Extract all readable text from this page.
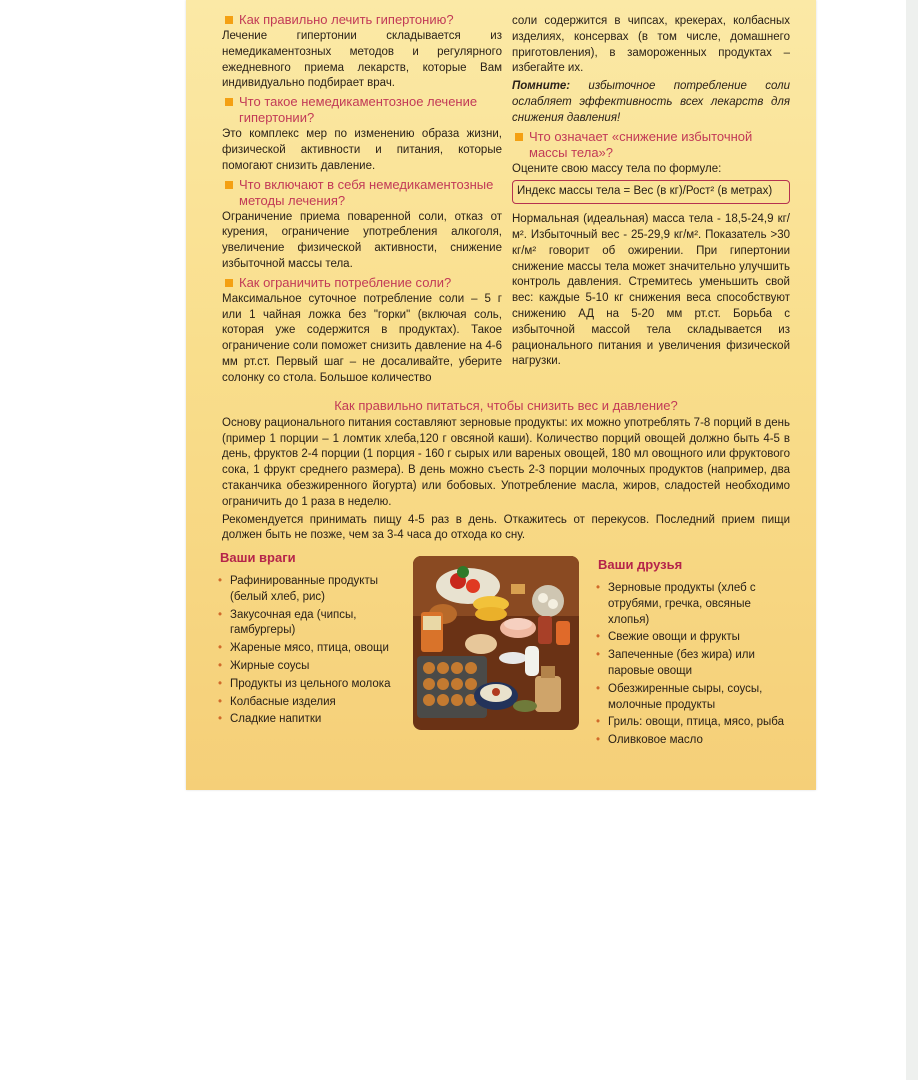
Как правильно лечить гипертонию?
Лечение гипертонии складывается из немедикаментозных методов и регулярного ежедневного приема лекарств, которые Вам индивидуально подбирает врач.
Что такое немедикаментозное лечение гипертонии?
Это комплекс мер по изменению образа жизни, физической активности и питания, которые помогают снизить давление.
Что включают в себя немедикаментозные методы лечения?
Ограничение приема поваренной соли, отказ от курения, ограничение употребления алкоголя, увеличение физической активности, снижение избыточной массы тела.
Как ограничить потребление соли?
Максимальное суточное потребление соли – 5 г или 1 чайная ложка без "горки" (включая соль, которая уже содержится в продуктах). Такое ограничение соли поможет снизить давление на 4-6 мм рт.ст. Первый шаг – не досаливайте, уберите солонку со стола. Большое количество
соли содержится в чипсах, крекерах, колбасных изделиях, консервах (в том числе, домашнего приготовления), в замороженных продуктах – избегайте их.
Помните: избыточное потребление соли ослабляет эффективность всех лекарств для снижения давления!
Что означает «снижение избыточной массы тела»?
Оцените свою массу тела по формуле:
Индекс массы тела = Вес (в кг)/Рост² (в метрах)
Нормальная (идеальная) масса тела - 18,5-24,9 кг/м². Избыточный вес - 25-29,9 кг/м². Показатель >30 кг/м² говорит об ожирении. При гипертонии снижение массы тела может значительно улучшить контроль давления. Стремитесь уменьшить свой вес: каждые 5-10 кг снижения веса способствуют снижению АД на 5-20 мм рт.ст. Борьба с избыточной массой тела складывается из рационального питания и увеличения физической нагрузки.
Как правильно питаться, чтобы снизить вес и давление?
Основу рационального питания составляют зерновые продукты: их можно употреблять 7-8 порций в день (пример 1 порции – 1 ломтик хлеба,120 г овсяной каши). Количество порций овощей должно быть 4-5 в день, фруктов 2-4 порции (1 порция - 160 г сырых или вареных овощей, 180 мл овощного или фруктового сока, 1 фрукт среднего размера). В день можно съесть 2-3 порции молочных продуктов (например, два стаканчика обезжиренного йогурта) или бобовых. Употребление масла, жиров, сладостей необходимо ограничить до 1 раза в неделю.
Рекомендуется принимать пищу 4-5 раз в день. Откажитесь от перекусов. Последний прием пищи должен быть не позже, чем за 3-4 часа до отхода ко сну.
Ваши враги
• Рафинированные продукты (белый хлеб, рис)
• Закусочная еда (чипсы, гамбургеры)
• Жареные мясо, птица, овощи
• Жирные соусы
• Продукты из цельного молока
• Колбасные изделия
• Сладкие напитки
Ваши друзья
• Зерновые продукты (хлеб с отрубями, гречка, овсяные хлопья)
• Свежие овощи и фрукты
• Запеченные (без жира) или паровые овощи
• Обезжиренные сыры, соусы, молочные продукты
• Гриль: овощи, птица, мясо, рыба
• Оливковое масло
